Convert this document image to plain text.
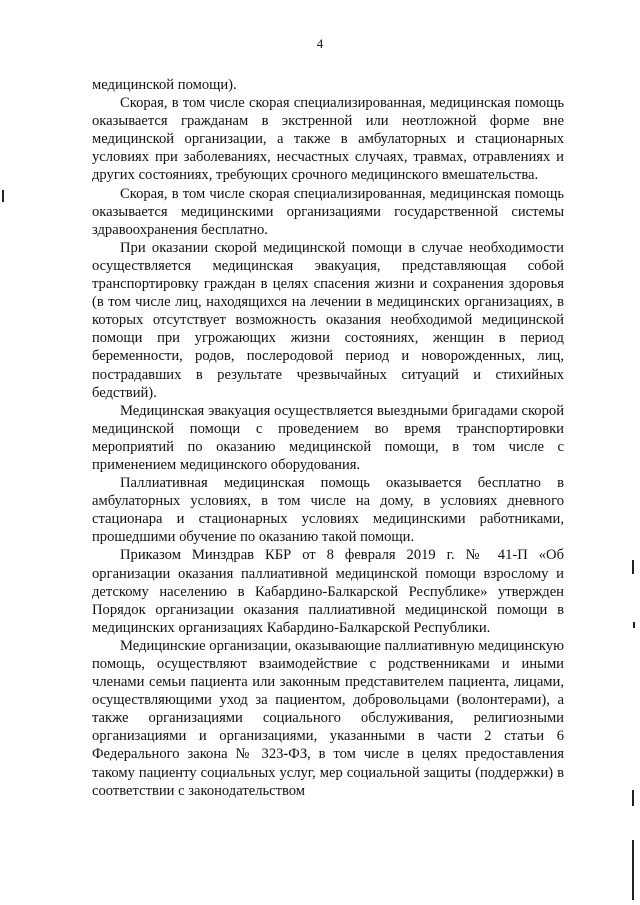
4

медицинской помощи).

Скорая, в том числе скорая специализированная, медицинская помощь оказывается гражданам в экстренной или неотложной форме вне медицинской организации, а также в амбулаторных и стационарных условиях при заболеваниях, несчастных случаях, травмах, отравлениях и других состояниях, требующих срочного медицинского вмешательства.

Скорая, в том числе скорая специализированная, медицинская помощь оказывается медицинскими организациями государственной системы здравоохранения бесплатно.

При оказании скорой медицинской помощи в случае необходимости осуществляется медицинская эвакуация, представляющая собой транспортировку граждан в целях спасения жизни и сохранения здоровья (в том числе лиц, находящихся на лечении в медицинских организациях, в которых отсутствует возможность оказания необходимой медицинской помощи при угрожающих жизни состояниях, женщин в период беременности, родов, послеродовой период и новорожденных, лиц, пострадавших в результате чрезвычайных ситуаций и стихийных бедствий).

Медицинская эвакуация осуществляется выездными бригадами скорой медицинской помощи с проведением во время транспортировки мероприятий по оказанию медицинской помощи, в том числе с применением медицинского оборудования.

Паллиативная медицинская помощь оказывается бесплатно в амбулаторных условиях, в том числе на дому, в условиях дневного стационара и стационарных условиях медицинскими работниками, прошедшими обучение по оказанию такой помощи.

Приказом Минздрав КБР от 8 февраля 2019 г. № 41-П «Об организации оказания паллиативной медицинской помощи взрослому и детскому населению в Кабардино-Балкарской Республике» утвержден Порядок организации оказания паллиативной медицинской помощи в медицинских организациях Кабардино-Балкарской Республики.

Медицинские организации, оказывающие паллиативную медицинскую помощь, осуществляют взаимодействие с родственниками и иными членами семьи пациента или законным представителем пациента, лицами, осуществляющими уход за пациентом, добровольцами (волонтерами), а также организациями социального обслуживания, религиозными организациями и организациями, указанными в части 2 статьи 6 Федерального закона № 323-ФЗ, в том числе в целях предоставления такому пациенту социальных услуг, мер социальной защиты (поддержки) в соответствии с законодательством
